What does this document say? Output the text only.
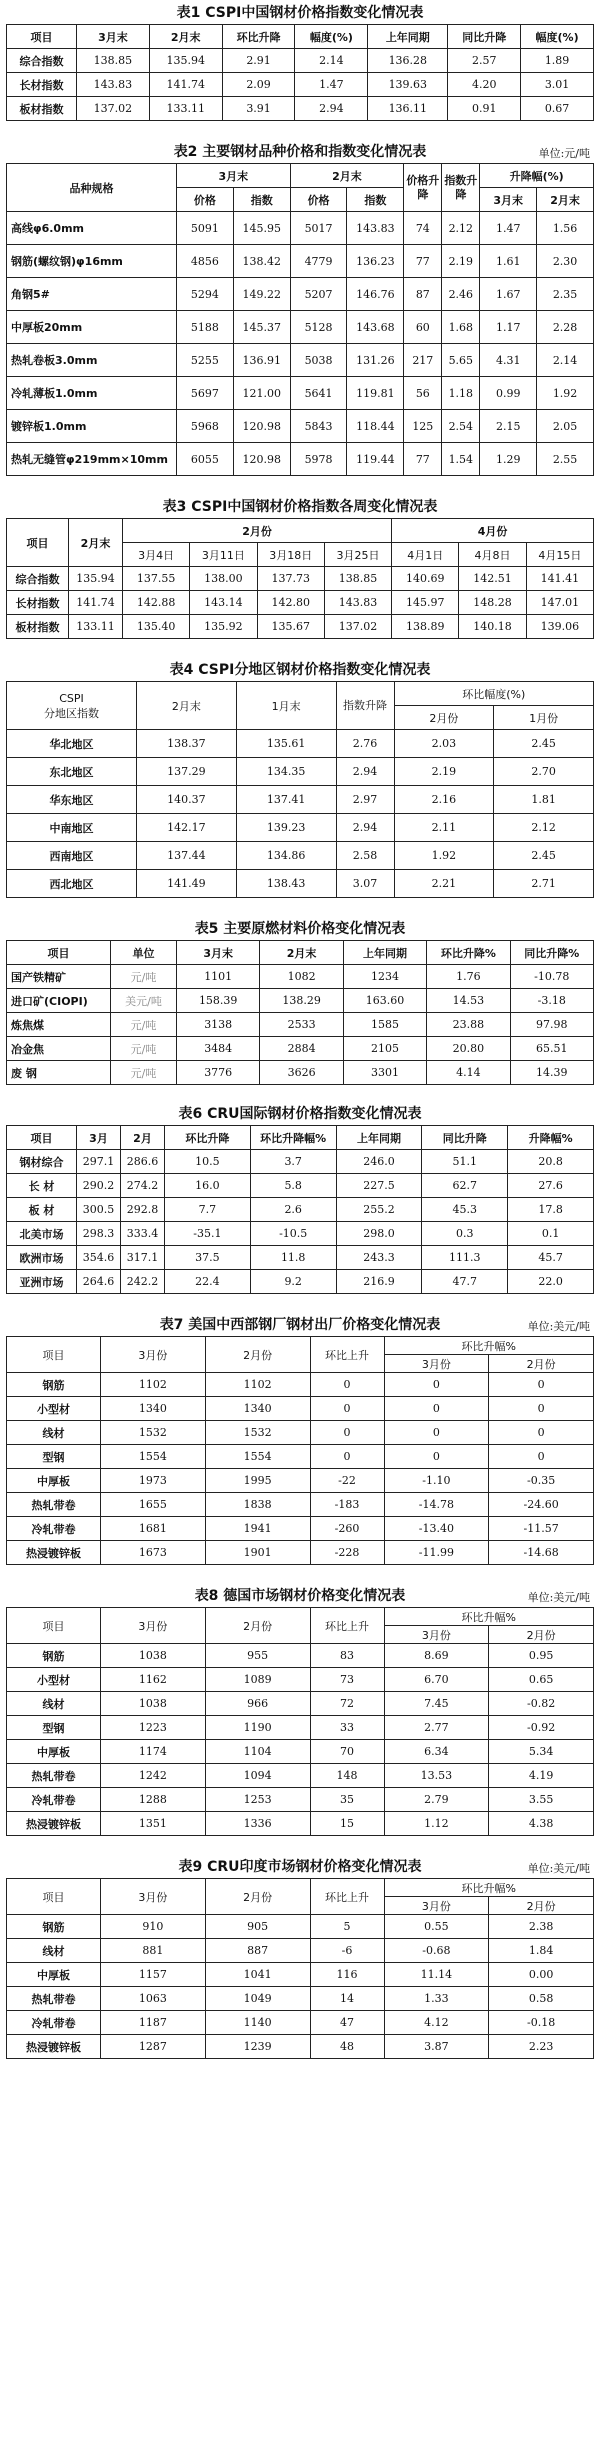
表1 CSPI中国钢材价格指数变化情况表
项目	3月末	2月末	环比升降	幅度(%)	上年同期	同比升降	幅度(%)
综合指数	138.85	135.94	2.91	2.14	136.28	2.57	1.89
长材指数	143.83	141.74	2.09	1.47	139.63	4.20	3.01
板材指数	137.02	133.11	3.91	2.94	136.11	0.91	0.67
表2 主要钢材品种价格和指数变化情况表	单位:元/吨
品种规格	3月末		2月末		价格升降	指数升降	升降幅(%)	
	价格	指数	价格	指数			3月末	2月末
高线φ6.0mm	5091	145.95	5017	143.83	74	2.12	1.47	1.56
钢筋(螺纹钢)φ16mm	4856	138.42	4779	136.23	77	2.19	1.61	2.30
角钢5#	5294	149.22	5207	146.76	87	2.46	1.67	2.35
中厚板20mm	5188	145.37	5128	143.68	60	1.68	1.17	2.28
热轧卷板3.0mm	5255	136.91	5038	131.26	217	5.65	4.31	2.14
冷轧薄板1.0mm	5697	121.00	5641	119.81	56	1.18	0.99	1.92
镀锌板1.0mm	5968	120.98	5843	118.44	125	2.54	2.15	2.05
热轧无缝管φ219mm×10mm	6055	120.98	5978	119.44	77	1.54	1.29	2.55
表3 CSPI中国钢材价格指数各周变化情况表
项目	2月末	2月份				4月份		
		3月4日	3月11日	3月18日	3月25日	4月1日	4月8日	4月15日
综合指数	135.94	137.55	138.00	137.73	138.85	140.69	142.51	141.41
长材指数	141.74	142.88	143.14	142.80	143.83	145.97	148.28	147.01
板材指数	133.11	135.40	135.92	135.67	137.02	138.89	140.18	139.06
表4 CSPI分地区钢材价格指数变化情况表
CSPI
分地区指数	2月末	1月末	指数升降	环比幅度(%)	
				2月份	1月份
华北地区	138.37	135.61	2.76	2.03	2.45
东北地区	137.29	134.35	2.94	2.19	2.70
华东地区	140.37	137.41	2.97	2.16	1.81
中南地区	142.17	139.23	2.94	2.11	2.12
西南地区	137.44	134.86	2.58	1.92	2.45
西北地区	141.49	138.43	3.07	2.21	2.71
表5 主要原燃材料价格变化情况表
项目	单位	3月末	2月末	上年同期	环比升降%	同比升降%
国产铁精矿	元/吨	1101	1082	1234	1.76	-10.78
进口矿(CIOPI)	美元/吨	158.39	138.29	163.60	14.53	-3.18
炼焦煤	元/吨	3138	2533	1585	23.88	97.98
冶金焦	元/吨	3484	2884	2105	20.80	65.51
废 钢	元/吨	3776	3626	3301	4.14	14.39
表6 CRU国际钢材价格指数变化情况表
项目	3月	2月	环比升降	环比升降幅%	上年同期	同比升降	升降幅%
钢材综合	297.1	286.6	10.5	3.7	246.0	51.1	20.8
长 材	290.2	274.2	16.0	5.8	227.5	62.7	27.6
板 材	300.5	292.8	7.7	2.6	255.2	45.3	17.8
北美市场	298.3	333.4	-35.1	-10.5	298.0	0.3	0.1
欧洲市场	354.6	317.1	37.5	11.8	243.3	111.3	45.7
亚洲市场	264.6	242.2	22.4	9.2	216.9	47.7	22.0
表7 美国中西部钢厂钢材出厂价格变化情况表	单位:美元/吨
项目	3月份	2月份	环比上升	环比升幅%	
				3月份	2月份
钢筋	1102	1102	0	0	0
小型材	1340	1340	0	0	0
线材	1532	1532	0	0	0
型钢	1554	1554	0	0	0
中厚板	1973	1995	-22	-1.10	-0.35
热轧带卷	1655	1838	-183	-14.78	-24.60
冷轧带卷	1681	1941	-260	-13.40	-11.57
热浸镀锌板	1673	1901	-228	-11.99	-14.68
表8 德国市场钢材价格变化情况表	单位:美元/吨
项目	3月份	2月份	环比上升	环比升幅%	
				3月份	2月份
钢筋	1038	955	83	8.69	0.95
小型材	1162	1089	73	6.70	0.65
线材	1038	966	72	7.45	-0.82
型钢	1223	1190	33	2.77	-0.92
中厚板	1174	1104	70	6.34	5.34
热轧带卷	1242	1094	148	13.53	4.19
冷轧带卷	1288	1253	35	2.79	3.55
热浸镀锌板	1351	1336	15	1.12	4.38
表9 CRU印度市场钢材价格变化情况表	单位:美元/吨
项目	3月份	2月份	环比上升	环比升幅%	
				3月份	2月份
钢筋	910	905	5	0.55	2.38
线材	881	887	-6	-0.68	1.84
中厚板	1157	1041	116	11.14	0.00
热轧带卷	1063	1049	14	1.33	0.58
冷轧带卷	1187	1140	47	4.12	-0.18
热浸镀锌板	1287	1239	48	3.87	2.23
